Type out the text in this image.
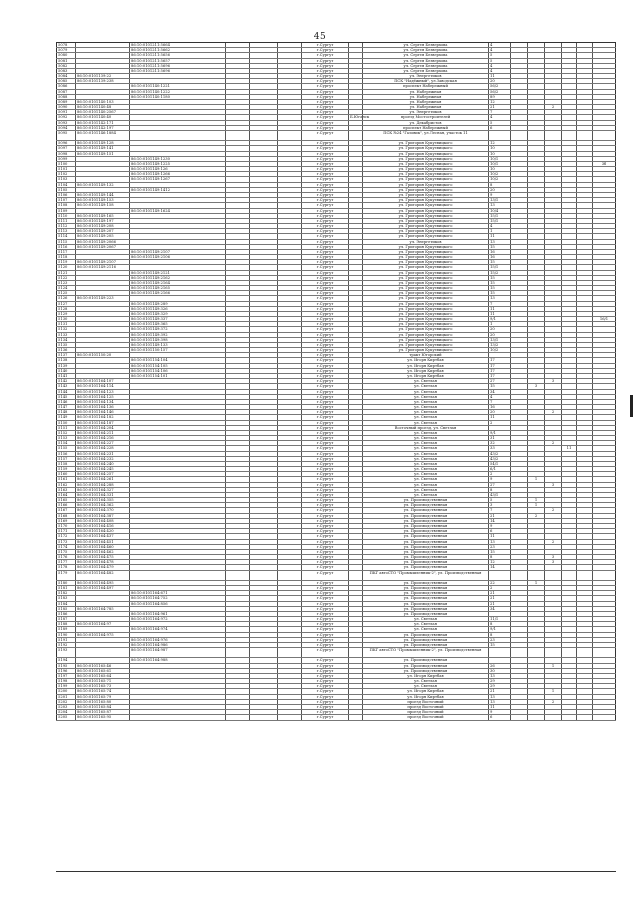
45
5078	86:10:0101211:5664	г.Сургут	ул. Сергея Безверхова	4
5079	86:10:0101211:5662	г.Сургут	ул. Сергея Безверхова	4
5080	86:10:0101211:5656	г.Сургут	ул. Сергея Безверхова	5
5081	86:10:0101211:5657	г.Сургут	ул. Сергея Безверхова	5
5082	86:10:0101211:5696	г.Сургут	ул. Сергея Безверхова	4
5083	86:10:0101211:5696	г.Сургут	ул. Сергея Безверхова	4
5084	86:10:0101139:22	г.Сургут	ул. Энергетиков	11
5085	86:10:0101139:238	г.Сургут	ПСК "Надёжный", ул.Заводская	20
5086	86:10:0101140:1221	г.Сургут	проспект Набережный	56/2
5087	86:10:0101140:1222	г.Сургут	ул. Набережная	56/2
5088	86:10:0101140:1180	г.Сургут	ул. Набережная	89
5089	86:10:0101140:103	г.Сургут	ул. Набережная	12
5090	86:10:0101140:48	г.Сургут	ул. Набережная	21	2
5091	86:10:0101140:2567	г.Сургут	ул. Энергетиков	7
5092	86:10:0101140:40	г.Сургут	Б.Юганск	проезд Мостостроителей	4
5093	86:10:0101142:171	г.Сургут	ул. Декабристов	5
5094	86:10:0101142:197	г.Сургут	проспект Набережный	6
5095	86:10:0101146:1884	г.Сургут	ПСК №24 "Газовик", ул.Лесная, участок 11
5096	86:10:0101149:128	г.Сургут	ул. Григория Кукуевицкого	12
5097	86:10:0101149:141	г.Сургут	ул. Григория Кукуевицкого	10
5098	86:10:0101149:151	г.Сургут	ул. Григория Кукуевицкого	10
5099	86:10:0101149:1230	г.Сургут	ул. Григория Кукуевицкого	10/1
5100	86:10:0101149:1225	г.Сургут	ул. Григория Кукуевицкого	10/1	3б
5101	86:10:0101149:126	г.Сургут	ул. Григория Кукуевицкого	10
5102	86:10:0101149:1266	г.Сургут	ул. Григория Кукуевицкого	10/2
5103	86:10:0101149:1267	г.Сургут	ул. Григория Кукуевицкого	10/2
5104	86:10:0101149:132	г.Сургут	ул. Григория Кукуевицкого	8
5105	86:10:0101149:1412	г.Сургут	ул. Григория Кукуевицкого	20
5106	86:10:0101149:144	г.Сургут	ул. Григория Кукуевицкого	9
5107	86:10:0101149:153	г.Сургут	ул. Григория Кукуевицкого	13/1
5108	86:10:0101149:158	г.Сургут	ул. Григория Кукуевицкого	13
5109	86:10:0101149:1624	г.Сургут	ул. Григория Кукуевицкого	10/4
5110	86:10:0101149:165	г.Сургут	ул. Григория Кукуевицкого	15/1
5111	86:10:0101149:197	г.Сургут	ул. Григория Кукуевицкого	15/1
5112	86:10:0101149:208	г.Сургут	ул. Григория Кукуевицкого	4
5113	86:10:0101149:207	г.Сургут	ул. Григория Кукуевицкого	1
5114	86:10:0101149:205	г.Сургут	ул. Григория Кукуевицкого	11
5115	86:10:0101149:2066	г.Сургут	ул. Энергетиков	13
5116	86:10:0101149:2067	г.Сургут	ул. Григория Кукуевицкого	15
5117	86:10:0101149:2107	г.Сургут	ул. Григория Кукуевицкого	16
5118	86:10:0101149:2106	г.Сургут	ул. Григория Кукуевицкого	16
5119	86:10:0101149:2107	г.Сургут	ул. Григория Кукуевицкого	15
5120	86:10:0101149:2116	г.Сургут	ул. Григория Кукуевицкого	15/1
5121	86:10:0101149:2121	г.Сургут	ул. Григория Кукуевицкого	15/2
5122	86:10:0101149:2162	г.Сургут	ул. Григория Кукуевицкого	15
5123	86:10:0101149:2164	г.Сургут	ул. Григория Кукуевицкого	15
5124	86:10:0101149:2165	г.Сургут	ул. Григория Кукуевицкого	15
5125	86:10:0101149:2166	г.Сургут	ул. Григория Кукуевицкого	15
5126	86:10:0101149:223	г.Сургут	ул. Григория Кукуевицкого	13
5127	86:10:0101149:289	г.Сургут	ул. Григория Кукуевицкого	7
5128	86:10:0101149:326	г.Сургут	ул. Григория Кукуевицкого	11
5129	86:10:0101149:329	г.Сургут	ул. Григория Кукуевицкого	11
5130	86:10:0101149:337	г.Сургут	ул. Григория Кукуевицкого	9/1	16/1
5131	86:10:0101149:365	г.Сургут	ул. Григория Кукуевицкого	1
5132	86:10:0101149:372	г.Сургут	ул. Григория Кукуевицкого	20
5133	86:10:0101149:392	г.Сургут	ул. Григория Кукуевицкого	20
5134	86:10:0101149:398	г.Сургут	ул. Григория Кукуевицкого	13/1
5135	86:10:0101149:133	г.Сургут	ул. Григория Кукуевицкого	13/2
5136	86:10:0101150:157	г.Сургут	ул. Григория Кукуевицкого	10/2
5137	86:10:0101150:20	г.Сургут	тракт Югорский
5138	86:10:0101154:104	г.Сургут	ул. Игоря Киртбая	17
5139	86:10:0101154:105	г.Сургут	ул. Игоря Киртбая	17
5140	86:10:0101154:106	г.Сургут	ул. Игоря Киртбая	17
5141	86:10:0101154:101	г.Сургут	ул. Игоря Киртбая	17
5142	86:10:0101164:107	г.Сургут	ул. Светлая	27	3
5143	86:10:0101164:114	г.Сургут	ул. Светлая	15	3
5144	86:10:0101164:123	г.Сургут	ул. Светлая	34
5145	86:10:0101164:125	г.Сургут	ул. Светлая	4
5146	86:10:0101164:134	г.Сургут	ул. Светлая	7
5147	86:10:0101164:136	г.Сургут	ул. Светлая	16
5148	86:10:0101164:146	г.Сургут	ул. Светлая	20	2
5149	86:10:0101164:182	г.Сургут	ул. Светлая	11
5150	86:10:0101164:187	г.Сургут	ул. Светлая	2
5151	86:10:0101164:204	г.Сургут	Восточный проезд, ул. Светлая
5152	86:10:0101164:211	г.Сургут	ул. Светлая	9/1
5153	86:10:0101164:216	г.Сургут	ул. Светлая	31
5154	86:10:0101164:227	г.Сургут	ул. Светлая	32	2
5155	86:10:0101164:228	г.Сургут	ул. Светлая	33	11
5156	86:10:0101164:231	г.Сургут	ул. Светлая	43/2
5157	86:10:0101164:232	г.Сургут	ул. Светлая	43/2
5158	86:10:0101164:240	г.Сургут	ул. Светлая	54/1
5159	86:10:0101164:245	г.Сургут	ул. Светлая	6/1
5160	86:10:0101164:257	г.Сургут	ул. Светлая	2
5161	86:10:0101164:261	г.Сургут	ул. Светлая	9	1
5162	86:10:0101164:288	г.Сургут	ул. Светлая	27	3
5163	86:10:0101164:327	г.Сургут	ул. Светлая	8
5164	86:10:0101164:331	г.Сургут	ул. Светлая	43/1
5165	86:10:0101164:355	г.Сургут	ул. Производственная	5	1
5166	86:10:0101164:362	г.Сургут	ул. Производственная	3	1
5167	86:10:0101164:370	г.Сургут	ул. Производственная	7	2
5168	86:10:0101164:387	г.Сургут	ул. Производственная	21	2
5169	86:10:0101164:408	г.Сургут	ул. Производственная	14
5170	86:10:0101164:416	г.Сургут	ул. Производственная	9
5171	86:10:0101164:420	г.Сургут	ул. Производственная	6
5172	86:10:0101164:437	г.Сургут	ул. Производственная	11
5173	86:10:0101164:451	г.Сургут	ул. Производственная	13	2
5174	86:10:0101164:460	г.Сургут	ул. Производственная	23
5175	86:10:0101164:462	г.Сургут	ул. Производственная	15
5176	86:10:0101164:475	г.Сургут	ул. Производственная	8	3
5177	86:10:0101164:478	г.Сургут	ул. Производственная	12	3
5178	86:10:0101164:479	г.Сургут	ул. Производственная	14
5179	86:10:0101164:482	г.Сургут	ПКГ автоСТО "Промышленник-2", ул. Производственная
5180	86:10:0101164:495	г.Сургут	ул. Производственная	22	1
5181	86:10:0101164:497	г.Сургут	ул. Производственная	2
5182	86:10:0101164:671	г.Сургут	ул. Производственная	21
5183	86:10:0101164:752	г.Сургут	ул. Производственная	21
5184	86:10:0101164:856	г.Сургут	ул. Производственная	21
5185	86:10:0101164:785	г.Сургут	ул. Производственная	34
5186	86:10:0101164:961	г.Сургут	ул. Производственная
5187	86:10:0101164:972	г.Сургут	ул. Светлая	11/1
5188	86:10:0101164:97	г.Сургут	ул. Светлая	8
5189	86:10:0101164:974	г.Сургут	ул. Светлая	9/1
5190	86:10:0101164:975	г.Сургут	ул. Производственная	8
5191	86:10:0101164:976	г.Сургут	ул. Производственная	23
5192	86:10:0101164:986	г.Сургут	ул. Производственная	15
5193	86:10:0101164:987	г.Сургут	ПКГ автоСТО "Промышленник-2", ул. Производственная
5194	86:10:0101164:988	г.Сургут	ул. Производственная
5195	86:10:0101165:46	г.Сургут	ул. Производственная	26	1
5196	86:10:0101165:61	г.Сургут	ул. Производственная	30
5197	86:10:0101165:64	г.Сургут	ул. Игоря Киртбая	13
5198	86:10:0101165:71	г.Сургут	ул. Светлая	29
5199	86:10:0101165:73	г.Сургут	ул. Светлая	29
5200	86:10:0101165:74	г.Сургут	ул. Игоря Киртбая	21	1
5201	86:10:0101165:79	г.Сургут	ул. Игоря Киртбая	13
5202	86:10:0101165:80	г.Сургут	проезд Восточный	13	2
5203	86:10:0101165:84	г.Сургут	проезд Восточный	11
5204	86:10:0101165:87	г.Сургут	проезд Восточный	9
5205	86:10:0101165:95	г.Сургут	проезд Восточный	6
